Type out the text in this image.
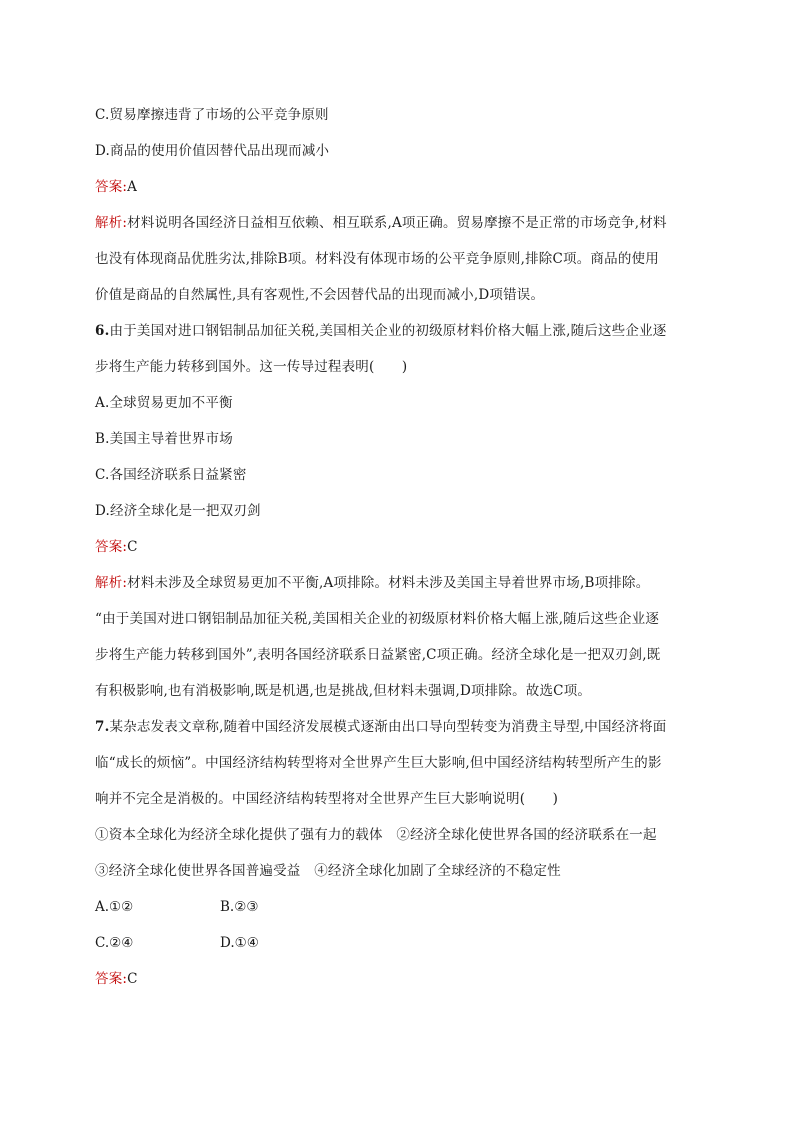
C.贸易摩擦违背了市场的公平竞争原则
D.商品的使用价值因替代品出现而减小
答案:A
解析:材料说明各国经济日益相互依赖、相互联系,A项正确。贸易摩擦不是正常的市场竞争,材料
也没有体现商品优胜劣汰,排除B项。材料没有体现市场的公平竞争原则,排除C项。商品的使用
价值是商品的自然属性,具有客观性,不会因替代品的出现而减小,D项错误。
6.由于美国对进口钢铝制品加征关税,美国相关企业的初级原材料价格大幅上涨,随后这些企业逐
步将生产能力转移到国外。这一传导过程表明(　　)
A.全球贸易更加不平衡
B.美国主导着世界市场
C.各国经济联系日益紧密
D.经济全球化是一把双刃剑
答案:C
解析:材料未涉及全球贸易更加不平衡,A项排除。材料未涉及美国主导着世界市场,B项排除。
“由于美国对进口钢铝制品加征关税,美国相关企业的初级原材料价格大幅上涨,随后这些企业逐
步将生产能力转移到国外”,表明各国经济联系日益紧密,C项正确。经济全球化是一把双刃剑,既
有积极影响,也有消极影响,既是机遇,也是挑战,但材料未强调,D项排除。故选C项。
7.某杂志发表文章称,随着中国经济发展模式逐渐由出口导向型转变为消费主导型,中国经济将面
临“成长的烦恼”。中国经济结构转型将对全世界产生巨大影响,但中国经济结构转型所产生的影
响并不完全是消极的。中国经济结构转型将对全世界产生巨大影响说明(　　)
①资本全球化为经济全球化提供了强有力的载体　②经济全球化使世界各国的经济联系在一起
③经济全球化使世界各国普遍受益　④经济全球化加剧了全球经济的不稳定性
A.①②	B.②③
C.②④	D.①④
答案:C
